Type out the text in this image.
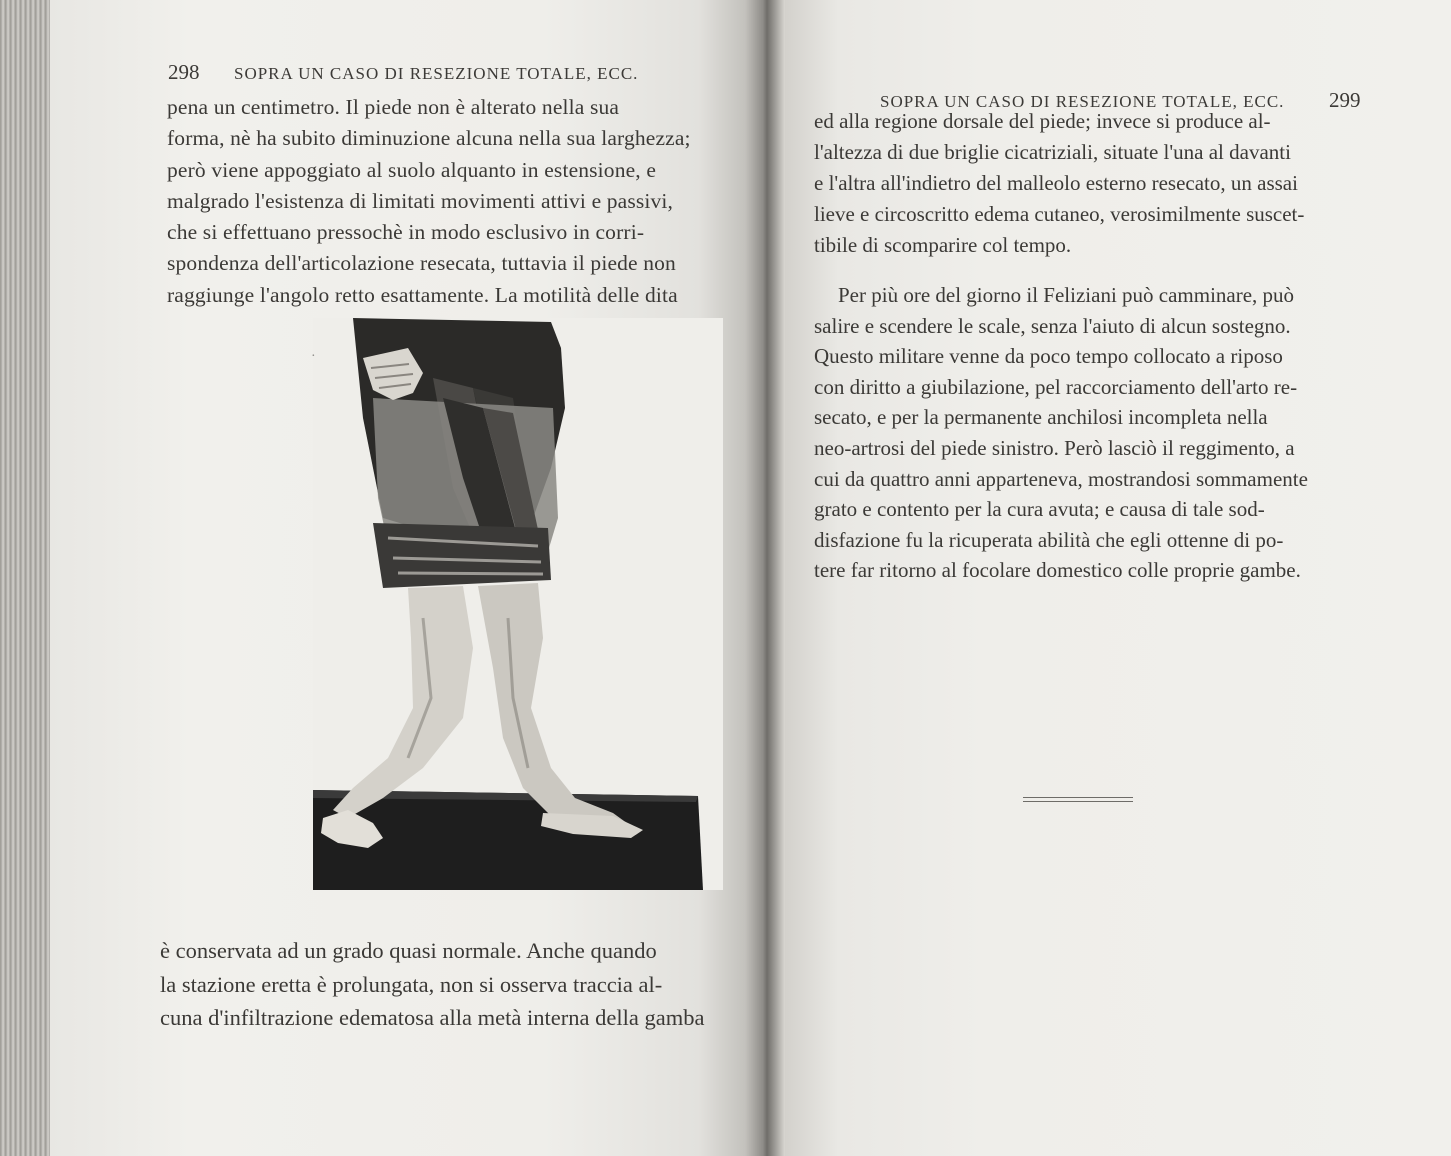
298 SOPRA UN CASO DI RESEZIONE TOTALE, ECC.
pena un centimetro. Il piede non è alterato nella sua
forma, nè ha subito diminuzione alcuna nella sua larghezza;
però viene appoggiato al suolo alquanto in estensione, e
malgrado l'esistenza di limitati movimenti attivi e passivi,
che si effettuano pressochè in modo esclusivo in corri-
spondenza dell'articolazione resecata, tuttavia il piede non
raggiunge l'angolo retto esattamente. La motilità delle dita
·
è conservata ad un grado quasi normale. Anche quando
la stazione eretta è prolungata, non si osserva traccia al-
cuna d'infiltrazione edematosa alla metà interna della gamba
SOPRA UN CASO DI RESEZIONE TOTALE, ECC. 299
ed alla regione dorsale del piede; invece si produce al-
l'altezza di due briglie cicatriziali, situate l'una al davanti
e l'altra all'indietro del malleolo esterno resecato, un assai
lieve e circoscritto edema cutaneo, verosimilmente suscet-
tibile di scomparire col tempo.
Per più ore del giorno il Feliziani può camminare, può
salire e scendere le scale, senza l'aiuto di alcun sostegno.
Questo militare venne da poco tempo collocato a riposo
con diritto a giubilazione, pel raccorciamento dell'arto re-
secato, e per la permanente anchilosi incompleta nella
neo-artrosi del piede sinistro. Però lasciò il reggimento, a
cui da quattro anni apparteneva, mostrandosi sommamente
grato e contento per la cura avuta; e causa di tale sod-
disfazione fu la ricuperata abilità che egli ottenne di po-
tere far ritorno al focolare domestico colle proprie gambe.
